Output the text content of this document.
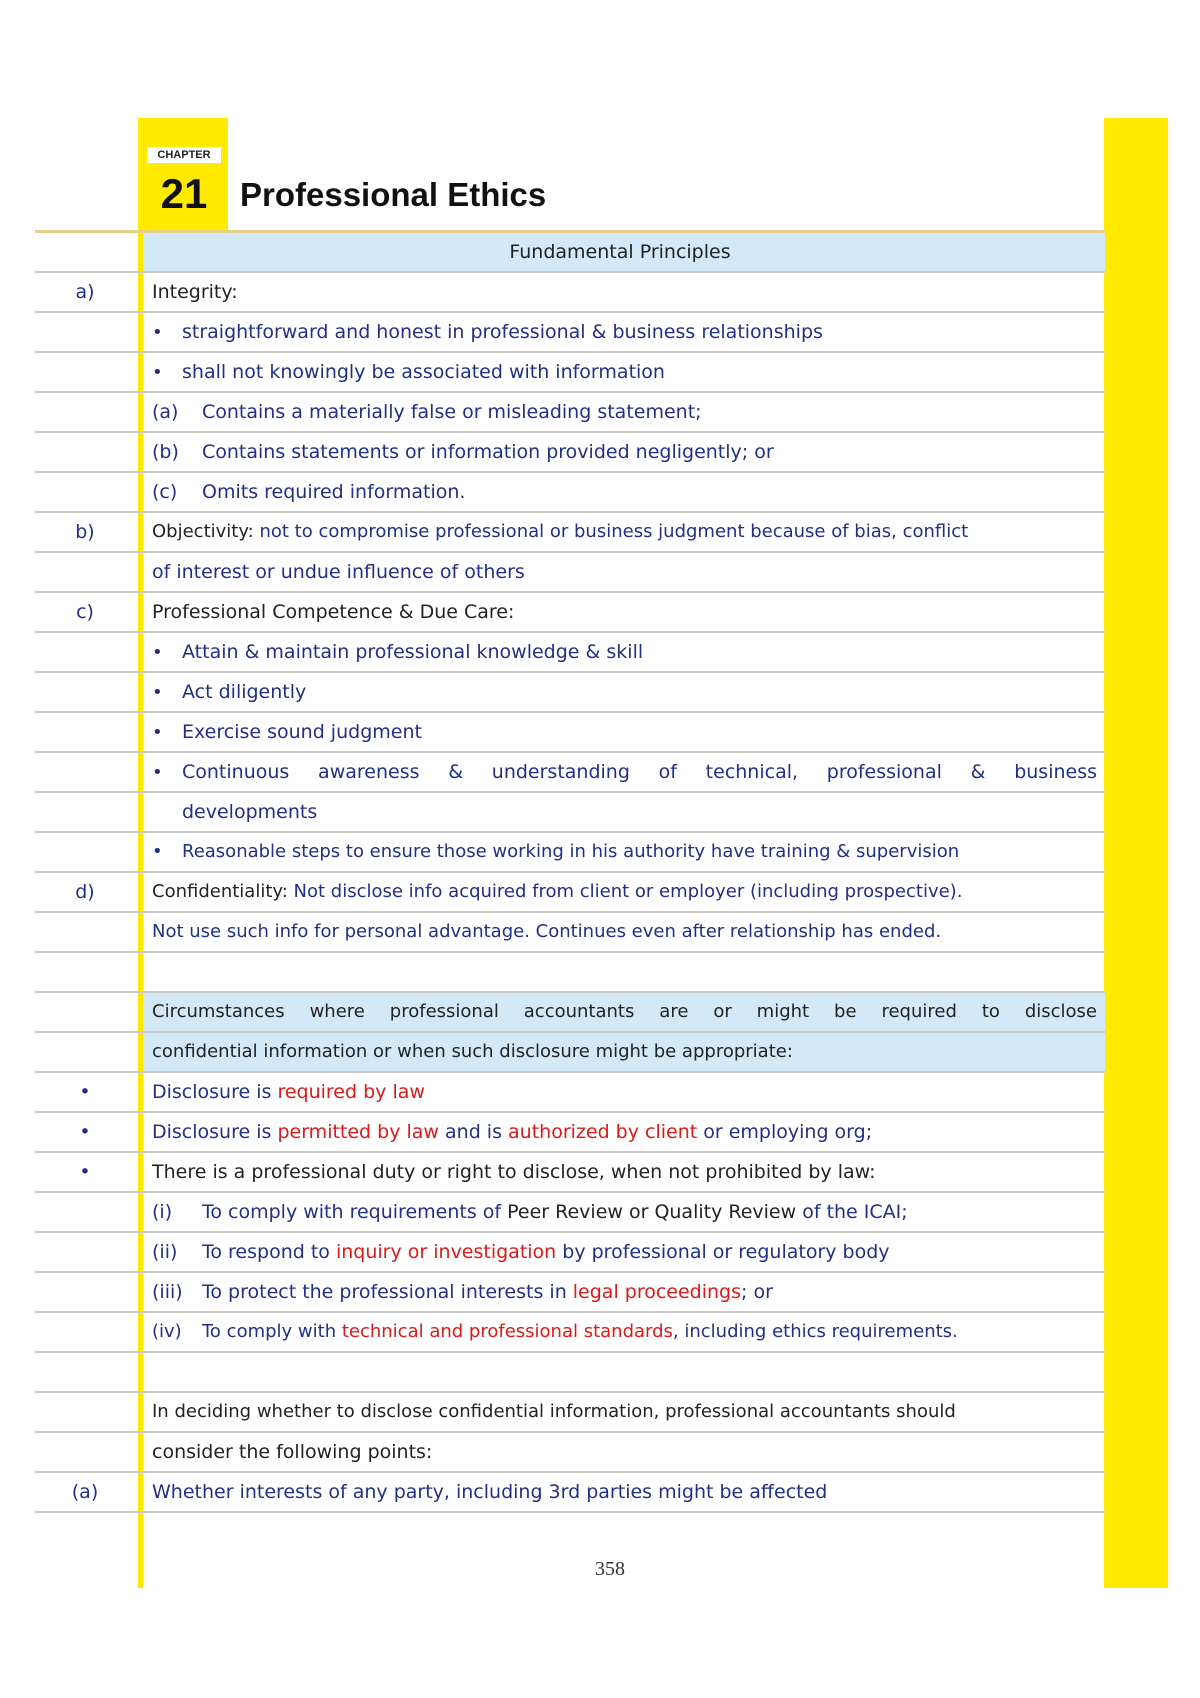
CHAPTER
21 Professional Ethics
Fundamental Principles
a)	Integrity:
• straightforward and honest in professional & business relationships
• shall not knowingly be associated with information
(a) Contains a materially false or misleading statement;
(b) Contains statements or information provided negligently; or
(c) Omits required information.
b)	Objectivity: not to compromise professional or business judgment because of bias, conflict
of interest or undue influence of others
c)	Professional Competence & Due Care:
• Attain & maintain professional knowledge & skill
• Act diligently
• Exercise sound judgment
• Continuous awareness & understanding of technical, professional & business
developments
• Reasonable steps to ensure those working in his authority have training & supervision
d)	Confidentiality: Not disclose info acquired from client or employer (including prospective).
Not use such info for personal advantage. Continues even after relationship has ended.
Circumstances where professional accountants are or might be required to disclose
confidential information or when such disclosure might be appropriate:
•	Disclosure is required by law
•	Disclosure is permitted by law and is authorized by client or employing org;
•	There is a professional duty or right to disclose, when not prohibited by law:
(i) To comply with requirements of Peer Review or Quality Review of the ICAI;
(ii) To respond to inquiry or investigation by professional or regulatory body
(iii) To protect the professional interests in legal proceedings; or
(iv) To comply with technical and professional standards, including ethics requirements.
In deciding whether to disclose confidential information, professional accountants should
consider the following points:
(a)	Whether interests of any party, including 3rd parties might be affected
358
